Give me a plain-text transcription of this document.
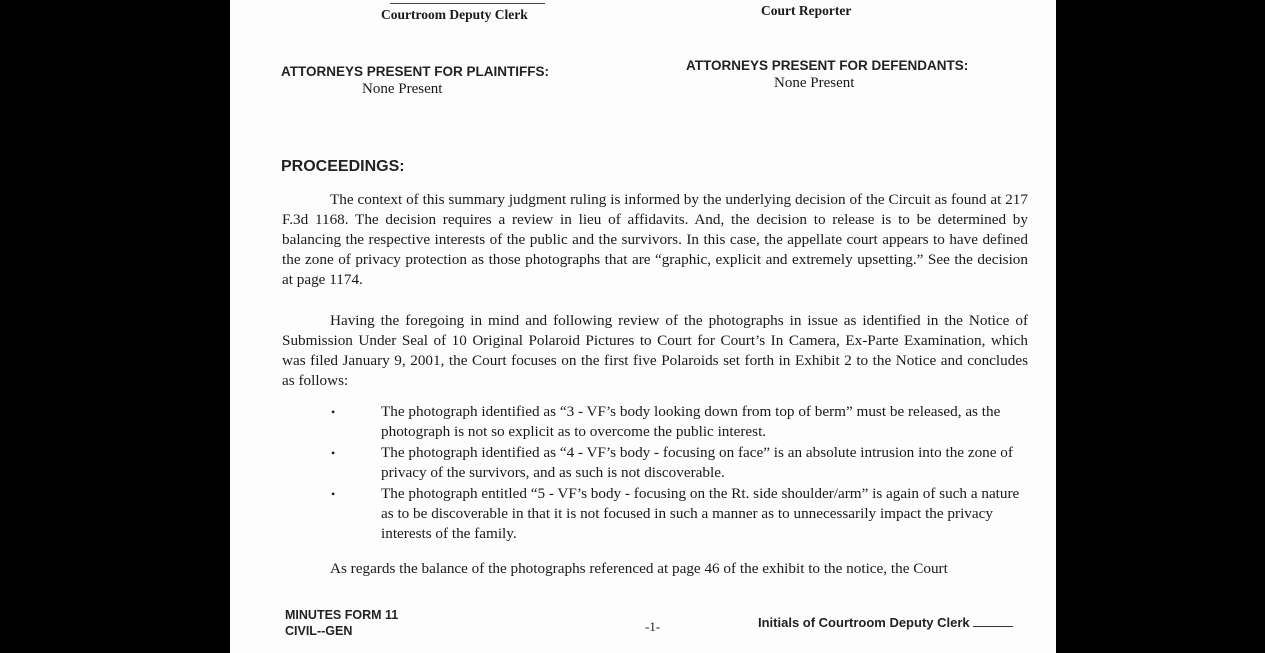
Courtroom Deputy Clerk	Court Reporter
ATTORNEYS PRESENT FOR PLAINTIFFS:
None Present
ATTORNEYS PRESENT FOR DEFENDANTS:
None Present
PROCEEDINGS:
The context of this summary judgment ruling is informed by the underlying decision of the Circuit as found at 217 F.3d 1168. The decision requires a review in lieu of affidavits. And, the decision to release is to be determined by balancing the respective interests of the public and the survivors. In this case, the appellate court appears to have defined the zone of privacy protection as those photographs that are “graphic, explicit and extremely upsetting.” See the decision at page 1174.
Having the foregoing in mind and following review of the photographs in issue as identified in the Notice of Submission Under Seal of 10 Original Polaroid Pictures to Court for Court’s In Camera, Ex-Parte Examination, which was filed January 9, 2001, the Court focuses on the first five Polaroids set forth in Exhibit 2 to the Notice and concludes as follows:
•	The photograph identified as “3 - VF’s body looking down from top of berm” must be released, as the photograph is not so explicit as to overcome the public interest.
•	The photograph identified as “4 - VF’s body - focusing on face” is an absolute intrusion into the zone of privacy of the survivors, and as such is not discoverable.
•	The photograph entitled “5 - VF’s body - focusing on the Rt. side shoulder/arm” is again of such a nature as to be discoverable in that it is not focused in such a manner as to unnecessarily impact the privacy interests of the family.
As regards the balance of the photographs referenced at page 46 of the exhibit to the notice, the Court
MINUTES FORM 11
CIVIL--GEN	-1-	Initials of Courtroom Deputy Clerk
